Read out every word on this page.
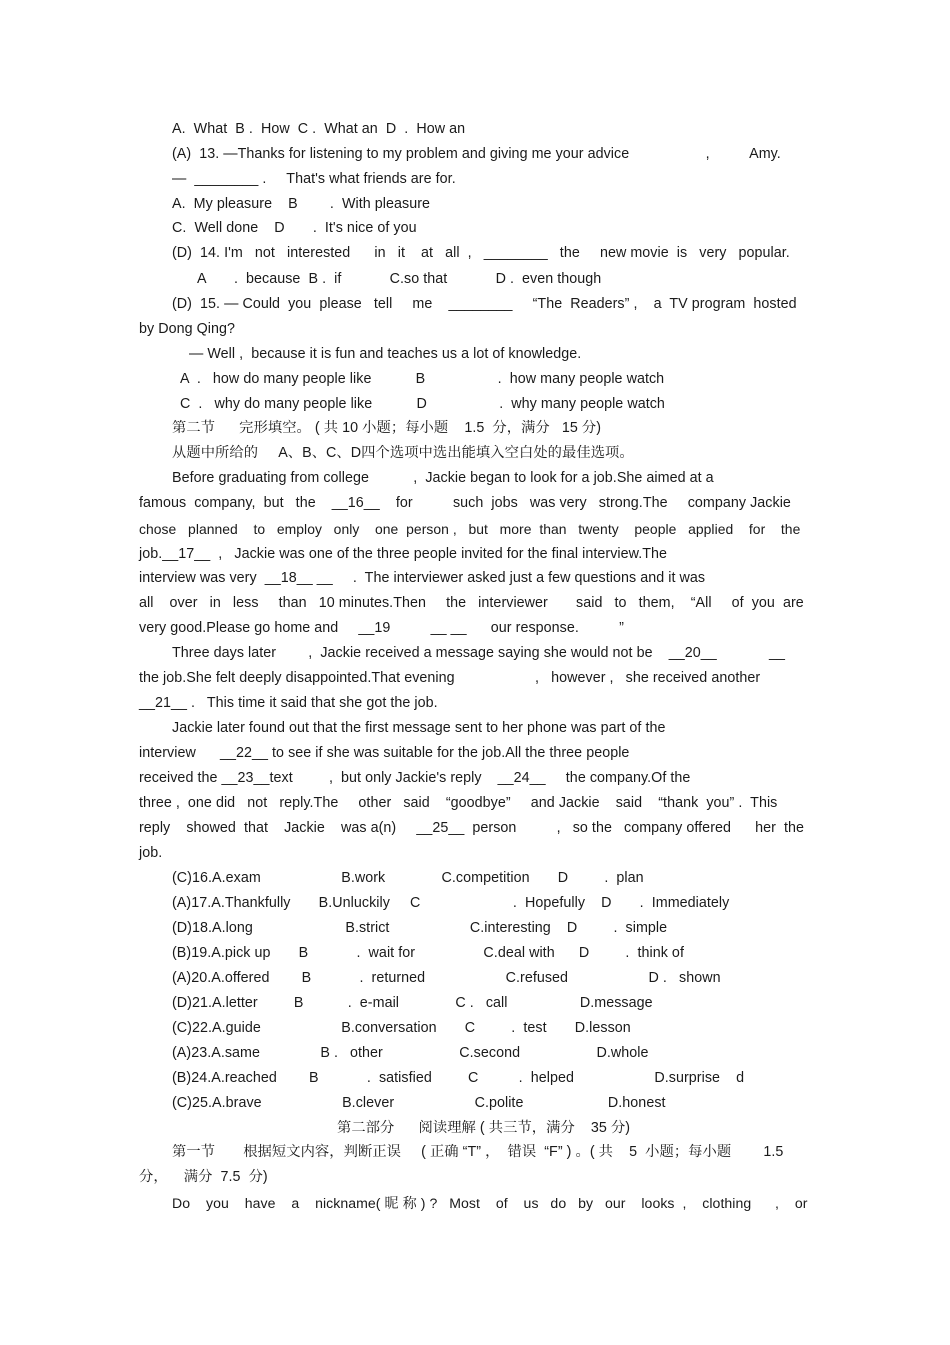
A.  What  B .  How  C .  What an  D  .  How an
(A)  13. —Thanks for listening to my problem and giving me your advice                   ,          Amy.
—  ________ .     That's what friends are for.
A.  My pleasure    B        .  With pleasure
C.  Well done    D       .  It's nice of you
(D)  14. I'm   not   interested      in   it    at   all  ,   ________   the     new movie  is   very   popular.
A       .  because  B .  if            C.so that            D .  even though
(D)  15. — Could  you  please   tell     me    ________     “The  Readers” ,    a  TV program  hosted
by Dong Qing?
— Well ,  because it is fun and teaches us a lot of knowledge.
A  .   how do many people like           B                  .  how many people watch
C  .   why do many people like           D                  .  why many people watch
第二节      完形填空。 ( 共 10 小题；每小题    1.5  分，满分   15 分)
从题中所给的     A、B、C、D四个选项中选出能填入空白处的最佳选项。
Before graduating from college           ,  Jackie began to look for a job.She aimed at a
famous  company,  but   the    __16__    for          such  jobs   was very   strong.The     company Jackie
chose   planned    to   employ   only    one  person ,   but   more  than   twenty    people   applied    for    the
job.__17__  ,   Jackie was one of the three people invited for the final interview.The
interview was very  __18__ __     .  The interviewer asked just a few questions and it was
all    over   in   less     than   10 minutes.Then     the   interviewer       said   to   them,    “All     of  you  are
very good.Please go home and     __19          __ __      our response.          ”
Three days later        ,  Jackie received a message saying she would not be    __20__             __
the job.She felt deeply disappointed.That evening                    ,   however ,   she received another
__21__ .   This time it said that she got the job.
Jackie later found out that the first message sent to her phone was part of the
interview      __22__ to see if she was suitable for the job.All the three people
received the __23__text         ,  but only Jackie's reply    __24__     the company.Of the
three ,  one did   not   reply.The     other   said    “goodbye”     and Jackie    said    “thank  you” .  This
reply    showed  that    Jackie    was a(n)     __25__  person          ,   so the   company offered      her  the
job.
(C)16.A.exam                    B.work              C.competition       D         .  plan
(A)17.A.Thankfully       B.Unluckily     C                       .  Hopefully    D       .  Immediately
(D)18.A.long                       B.strict                    C.interesting    D         .  simple
(B)19.A.pick up       B            .  wait for                 C.deal with      D         .  think of
(A)20.A.offered        B            .  returned                    C.refused                    D .   shown
(D)21.A.letter         B           .  e-mail              C .   call                  D.message
(C)22.A.guide                    B.conversation       C         .  test       D.lesson
(A)23.A.same               B .   other                   C.second                   D.whole
(B)24.A.reached        B            .  satisfied         C          .  helped                    D.surprise    d
(C)25.A.brave                    B.clever                    C.polite                     D.honest
第二部分      阅读理解 ( 共三节，满分    35 分)
第一节       根据短文内容，判断正误     ( 正确 “T” ，  错误  “F” ) 。( 共    5  小题；每小题        1.5
分，    满分  7.5  分)
Do    you    have    a    nickname( 昵 称 ) ?   Most    of    us   do   by   our    looks  ,    clothing      ,    or
